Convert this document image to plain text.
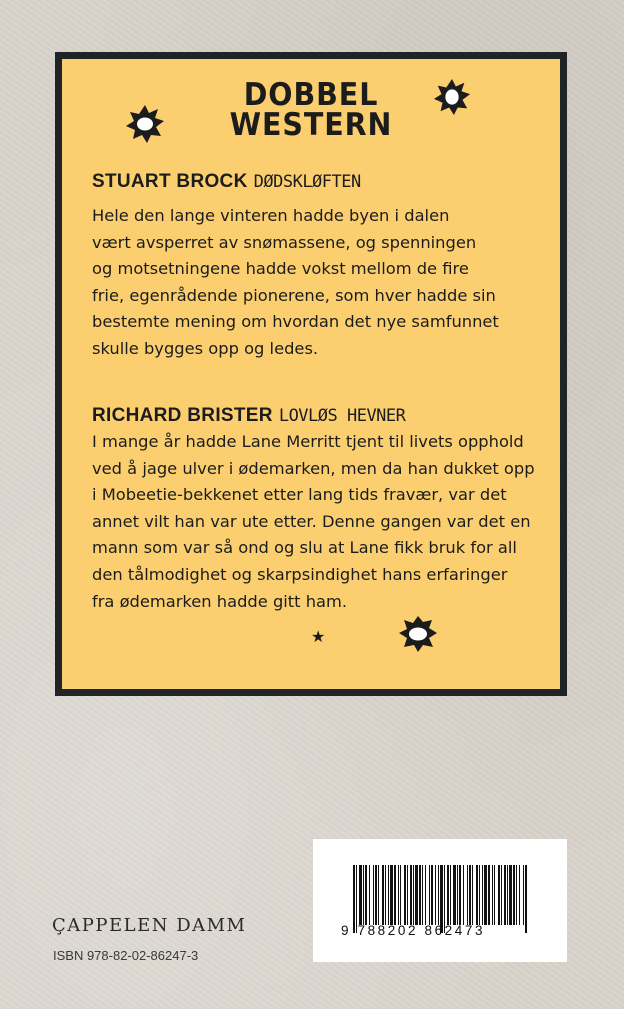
DOBBEL
WESTERN
STUART BROCK DØDSKLØFTEN
Hele den lange vinteren hadde byen i dalen
vært avsperret av snømassene, og spenningen
og motsetningene hadde vokst mellom de fire
frie, egenrådende pionerene, som hver hadde sin
bestemte mening om hvordan det nye samfunnet
skulle bygges opp og ledes.
RICHARD BRISTER LOVLØS HEVNER
I mange år hadde Lane Merritt tjent til livets opphold
ved å jage ulver i ødemarken, men da han dukket opp
i Mobeetie-bekkenet etter lang tids fravær, var det
annet vilt han var ute etter. Denne gangen var det en
mann som var så ond og slu at Lane fikk bruk for all
den tålmodighet og skarpsindighet hans erfaringer
fra ødemarken hadde gitt ham.
★
ÇAPPELEN DAMM
ISBN 978-82-02-86247-3
9 788202 862473
